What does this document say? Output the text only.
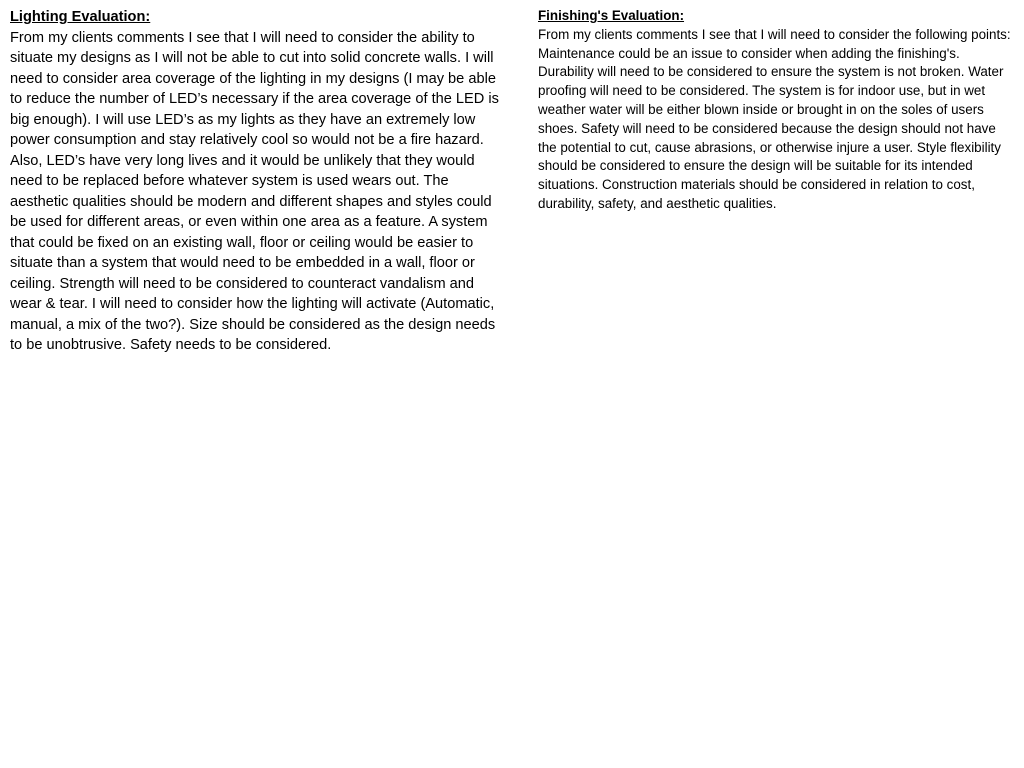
Lighting Evaluation:

From my clients comments I see that I will need to consider the ability to situate my designs as I will not be able to cut into solid concrete walls. I will need to consider area coverage of the lighting in my designs (I may be able to reduce the number of LED’s necessary if the area coverage of the LED is big enough). I will use LED’s as my lights as they have an extremely low power consumption and stay relatively cool so would not be a fire hazard. Also, LED’s have very long lives and it would be unlikely that they would need to be replaced before whatever system is used wears out. The aesthetic qualities should be modern and different shapes and styles could be used for different areas, or even within one area as a feature. A system that could be fixed on an existing wall, floor or ceiling would be easier to situate than a system that would need to be embedded in a wall, floor or ceiling. Strength will need to be considered to counteract vandalism and wear & tear. I will need to consider how the lighting will activate (Automatic, manual, a mix of the two?). Size should be considered as the design needs to be unobtrusive. Safety needs to be considered.

Finishing's Evaluation:

From my clients comments I see that I will need to consider the following points: Maintenance could be an issue to consider when adding the finishing's. Durability will need to be considered to ensure the system is not broken. Water proofing will need to be considered. The system is for indoor use, but in wet weather water will be either blown inside or brought in on the soles of users shoes. Safety will need to be considered because the design should not have the potential to cut, cause abrasions, or otherwise injure a user. Style flexibility should be considered to ensure the design will be suitable for its intended situations. Construction materials should be considered in relation to cost, durability, safety, and aesthetic qualities.
